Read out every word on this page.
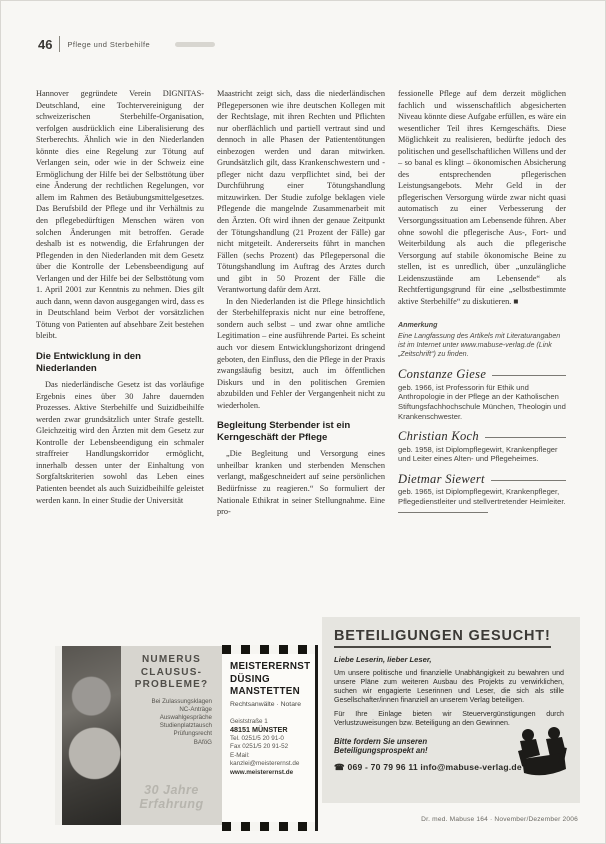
46 Pflege und Sterbehilfe

Hannover gegründete Verein DIGNITAS-Deutschland, eine Tochtervereinigung der schweizerischen Sterbehilfe-Organisation, verfolgen ausdrücklich eine Liberalisierung des Sterberechts. Ähnlich wie in den Niederlanden könnte dies eine Regelung zur Tötung auf Verlangen sein, oder wie in der Schweiz eine Ermöglichung der Hilfe bei der Selbsttötung über eine Änderung der rechtlichen Regelungen, vor allem im Rahmen des Betäubungsmittelgesetzes. Das Berufsbild der Pflege und ihr Verhältnis zu den pflegebedürftigen Menschen wären von solchen Änderungen mit betroffen. Gerade deshalb ist es notwendig, die Erfahrungen der Pflegenden in den Niederlanden mit dem Gesetz über die Kontrolle der Lebensbeendigung auf Verlangen und der Hilfe bei der Selbsttötung vom 1. April 2001 zur Kenntnis zu nehmen. Dies gilt auch dann, wenn davon ausgegangen wird, dass es in Deutschland beim Verbot der vorsätzlichen Tötung von Patienten auf absehbare Zeit bestehen bleibt.

Die Entwicklung in den Niederlanden

Das niederländische Gesetz ist das vorläufige Ergebnis eines über 30 Jahre dauernden Prozesses. Aktive Sterbehilfe und Suizidbeihilfe werden zwar grundsätzlich unter Strafe gestellt. Gleichzeitig wird den Ärzten mit dem Gesetz zur Kontrolle der Lebensbeendigung ein schmaler straffreier Handlungskorridor ermöglicht, innerhalb dessen unter der Einhaltung von Sorgfaltskriterien sowohl das Leben eines Patienten beendet als auch Suizidbeihilfe geleistet werden kann. In einer Studie der Universität

Maastricht zeigt sich, dass die niederländischen Pflegepersonen wie ihre deutschen Kollegen mit der Rechtslage, mit ihren Rechten und Pflichten nur oberflächlich und partiell vertraut sind und dennoch in alle Phasen der Patiententötungen einbezogen werden und daran mitwirken. Grundsätzlich gilt, dass Krankenschwestern und -pfleger nicht dazu verpflichtet sind, bei der Durchführung einer Tötungshandlung mitzuwirken. Der Studie zufolge beklagen viele Pflegende die mangelnde Zusammenarbeit mit den Ärzten. Oft wird ihnen der genaue Zeitpunkt der Tötungshandlung (21 Prozent der Fälle) gar nicht mitgeteilt. Andererseits führt in manchen Fällen (sechs Prozent) das Pflegepersonal die Tötungshandlung im Auftrag des Arztes durch und gibt in 50 Prozent der Fälle die Verantwortung dafür dem Arzt.

In den Niederlanden ist die Pflege hinsichtlich der Sterbehilfepraxis nicht nur eine betroffene, sondern auch selbst – und zwar ohne amtliche Legitimation – eine ausführende Partei. Es scheint auch vor diesem Entwicklungshorizont dringend geboten, den Einfluss, den die Pflege in der Praxis zwangsläufig besitzt, auch im öffentlichen Diskurs und in den politischen Gremien abzubilden und Fehler der Vergangenheit nicht zu wiederholen.

Begleitung Sterbender ist ein Kerngeschäft der Pflege

„Die Begleitung und Versorgung eines unheilbar kranken und sterbenden Menschen verlangt, maßgeschneidert auf seine persönlichen Bedürfnisse zu reagieren.“ So formuliert der Nationale Ethikrat in seiner Stellungnahme. Eine pro-

fessionelle Pflege auf dem derzeit möglichen fachlich und wissenschaftlich abgesicherten Niveau könnte diese Aufgabe erfüllen, es wäre ein wesentlicher Teil ihres Kerngeschäfts. Diese Möglichkeit zu realisieren, bedürfte jedoch des politischen und gesellschaftlichen Willens und der – so banal es klingt – ökonomischen Absicherung des entsprechenden pflegerischen Leistungsangebots. Mehr Geld in der pflegerischen Versorgung würde zwar nicht quasi automatisch zu einer Verbesserung der Versorgungssituation am Lebensende führen. Aber ohne sowohl die pflegerische Aus-, Fort- und Weiterbildung als auch die pflegerische Versorgung auf stabile ökonomische Beine zu stellen, ist es unredlich, über „unzulängliche Leidenszustände am Lebensende“ als Rechtfertigungsgrund für eine „selbstbestimmte aktive Sterbehilfe“ zu diskutieren. ■

Anmerkung
Eine Langfassung des Artikels mit Literaturangaben ist im Internet unter www.mabuse-verlag.de (Link „Zeitschrift“) zu finden.
Constanze Giese
geb. 1966, ist Professorin für Ethik und Anthropologie in der Pflege an der Katholischen Stiftungsfachhochschule München, Theologin und Krankenschwester.
Christian Koch
geb. 1958, ist Diplompflegewirt, Krankenpfleger und Leiter eines Alten- und Pflegeheimes.
Dietmar Siewert
geb. 1965, ist Diplompflegewirt, Krankenpfleger, Pflegedienstleiter und stellvertretender Heimleiter.
NUMERUS
CLAUSUS-
PROBLEME?
Bei Zulassungsklagen
NC-Anträge
Auswahlgespräche
Studienplatztausch
Prüfungsrecht
BAföG
30 Jahre
Erfahrung
MEISTERERNST
DÜSING
MANSTETTEN
Rechtsanwälte · Notare
Geiststraße 1
48151 MÜNSTER
Tel. 0251/5 20 91-0
Fax 0251/5 20 91-52
E-Mail: kanzlei@meisterernst.de
www.meisterernst.de
BETEILIGUNGEN GESUCHT!
Liebe Leserin, lieber Leser,
Um unsere politische und finanzielle Unabhängigkeit zu bewahren und unsere Pläne zum weiteren Ausbau des Projekts zu verwirklichen, suchen wir engagierte Leserinnen und Leser, die sich als stille Gesellschafter/innen finanziell an unserem Verlag beteiligen.
Für Ihre Einlage bieten wir Steuervergünstigungen durch Verlustzuweisungen bzw. Beteiligung an den Gewinnen.
Bitte fordern Sie unseren Beteiligungsprospekt an!
☎ 069 - 70 79 96 11 info@mabuse-verlag.de
Dr. med. Mabuse 164 · November/Dezember 2006
